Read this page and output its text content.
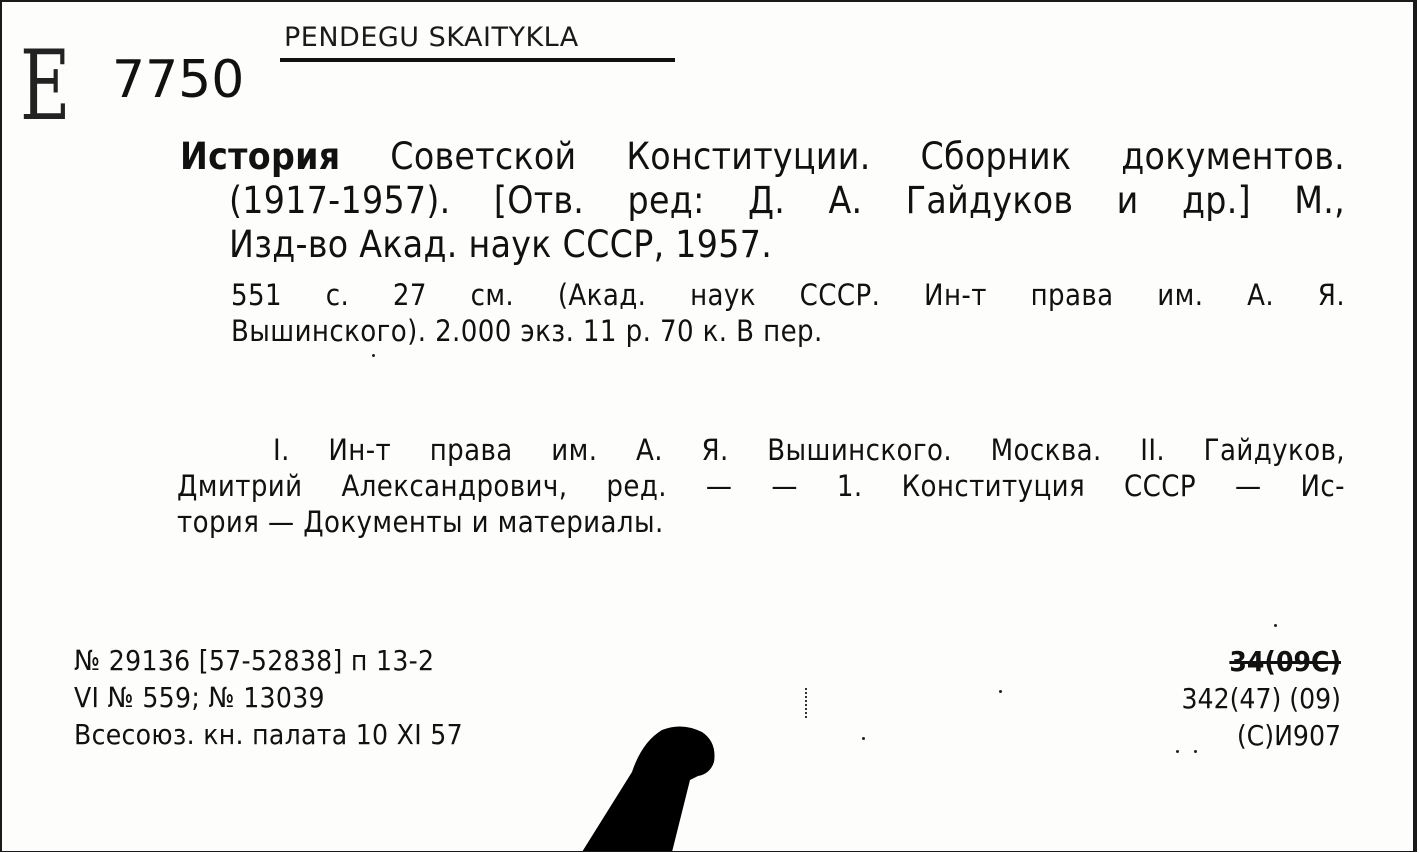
PENDEGU SKAITYKLA
E 7750
История Советской Конституции. Сборник документов.
(1917-1957). [Отв. ред: Д. А. Гайдуков и др.] М.,
Изд-во Акад. наук СССР, 1957.
551 с. 27 см. (Акад. наук СССР. Ин-т права им. А. Я.
Вышинского). 2.000 экз. 11 р. 70 к. В пер.
I. Ин-т права им. А. Я. Вышинского. Москва. II. Гайдуков,
Дмитрий Александрович, ред. — — 1. Конституция СССР — Ис-
тория — Документы и материалы.
№ 29136 [57-52838] п 13-2
VI № 559; № 13039
Всесоюз. кн. палата 10 XI 57
34(09С)
342(47) (09)
(С)И907
